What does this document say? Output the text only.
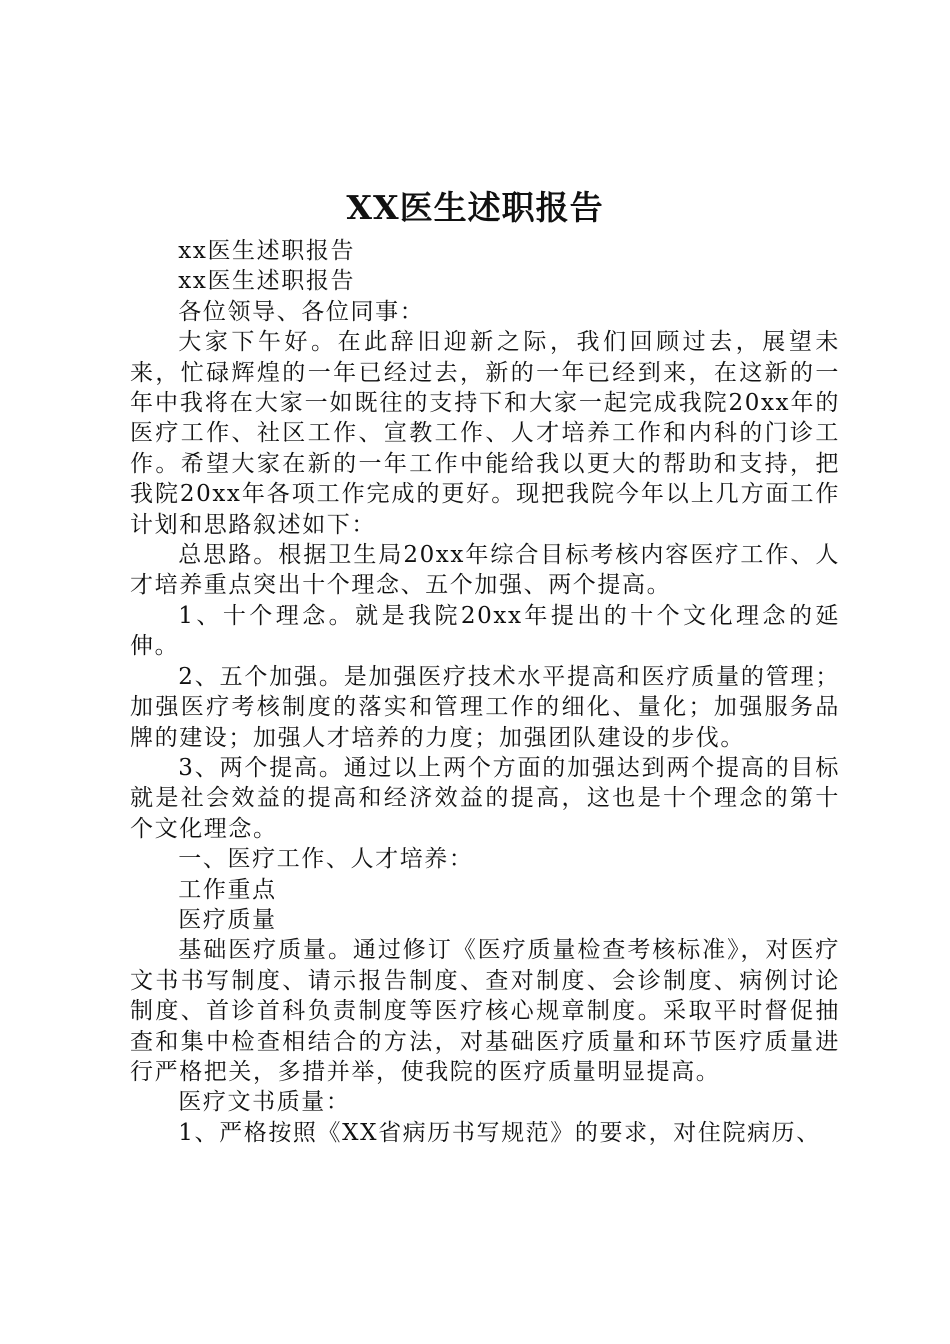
XX医生述职报告

xx医生述职报告

xx医生述职报告

各位领导、各位同事：

大家下午好。在此辞旧迎新之际，我们回顾过去，展望未来，忙碌辉煌的一年已经过去，新的一年已经到来，在这新的一年中我将在大家一如既往的支持下和大家一起完成我院20xx年的医疗工作、社区工作、宣教工作、人才培养工作和内科的门诊工作。希望大家在新的一年工作中能给我以更大的帮助和支持，把我院20xx年各项工作完成的更好。现把我院今年以上几方面工作计划和思路叙述如下：

总思路。根据卫生局20xx年综合目标考核内容医疗工作、人才培养重点突出十个理念、五个加强、两个提高。

1、十个理念。就是我院20xx年提出的十个文化理念的延伸。

2、五个加强。是加强医疗技术水平提高和医疗质量的管理；加强医疗考核制度的落实和管理工作的细化、量化；加强服务品牌的建设；加强人才培养的力度；加强团队建设的步伐。

3、两个提高。通过以上两个方面的加强达到两个提高的目标就是社会效益的提高和经济效益的提高，这也是十个理念的第十个文化理念。

一、医疗工作、人才培养：

工作重点

医疗质量

基础医疗质量。通过修订《医疗质量检查考核标准》，对医疗文书书写制度、请示报告制度、查对制度、会诊制度、病例讨论制度、首诊首科负责制度等医疗核心规章制度。采取平时督促抽查和集中检查相结合的方法，对基础医疗质量和环节医疗质量进行严格把关，多措并举，使我院的医疗质量明显提高。

医疗文书质量：

1、严格按照《XX省病历书写规范》的要求，对住院病历、
